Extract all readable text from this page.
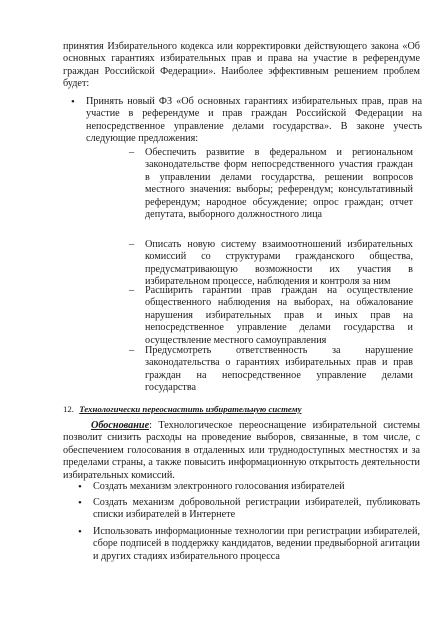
принятия Избирательного кодекса или корректировки действующего закона «Об основных гарантиях избирательных прав и права на участие в референдуме граждан Российской Федерации». Наиболее эффективным решением проблем будет:
• Принять новый ФЗ «Об основных гарантиях избирательных прав, прав на участие в референдуме и прав граждан Российской Федерации на непосредственное управление делами государства». В законе учесть следующие предложения:
– Обеспечить развитие в федеральном и региональном законодательстве форм непосредственного участия граждан в управлении делами государства, решении вопросов местного значения: выборы; референдум; консультативный референдум; народное обсуждение; опрос граждан; отчет депутата, выборного должностного лица
– Описать новую систему взаимоотношений избирательных комиссий со структурами гражданского общества, предусматривающую возможности их участия в избирательном процессе, наблюдения и контроля за ним
– Расширить гарантии прав граждан на осуществление общественного наблюдения на выборах, на обжалование нарушения избирательных прав и иных прав на непосредственное управление делами государства и осуществление местного самоуправления
– Предусмотреть ответственность за нарушение законодательства о гарантиях избирательных прав и прав граждан на непосредственное управление делами государства
12. Технологически переоснастить избирательную систему
Обоснование: Технологическое переоснащение избирательной системы позволит снизить расходы на проведение выборов, связанные, в том числе, с обеспечением голосования в отдаленных или труднодоступных местностях и за пределами страны, а также повысить информационную открытость деятельности избирательных комиссий.
• Создать механизм электронного голосования избирателей
• Создать механизм добровольной регистрации избирателей, публиковать списки избирателей в Интернете
• Использовать информационные технологии при регистрации избирателей, сборе подписей в поддержку кандидатов, ведении предвыборной агитации и других стадиях избирательного процесса
